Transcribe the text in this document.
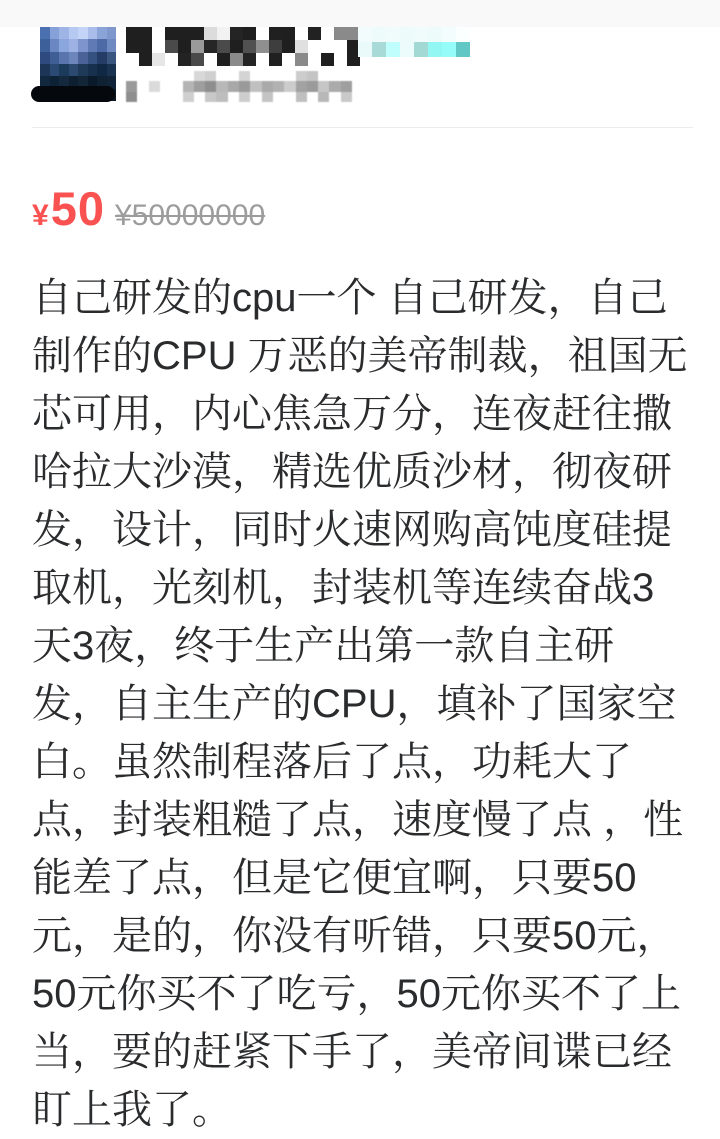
¥ 50 ¥50000000
自己研发的cpu一个 自己研发，自己制作的CPU 万恶的美帝制裁，祖国无芯可用，内心焦急万分，连夜赶往撒哈拉大沙漠，精选优质沙材，彻夜研发，设计，同时火速网购高饨度硅提取机，光刻机，封装机等连续奋战3天3夜，终于生产出第一款自主研发，自主生产的CPU，填补了国家空白。虽然制程落后了点，功耗大了点，封装粗糙了点，速度慢了点 ，性能差了点，但是它便宜啊，只要50元，是的，你没有听错，只要50元，50元你买不了吃亏，50元你买不了上当，要的赶紧下手了，美帝间谍已经盯上我了。
